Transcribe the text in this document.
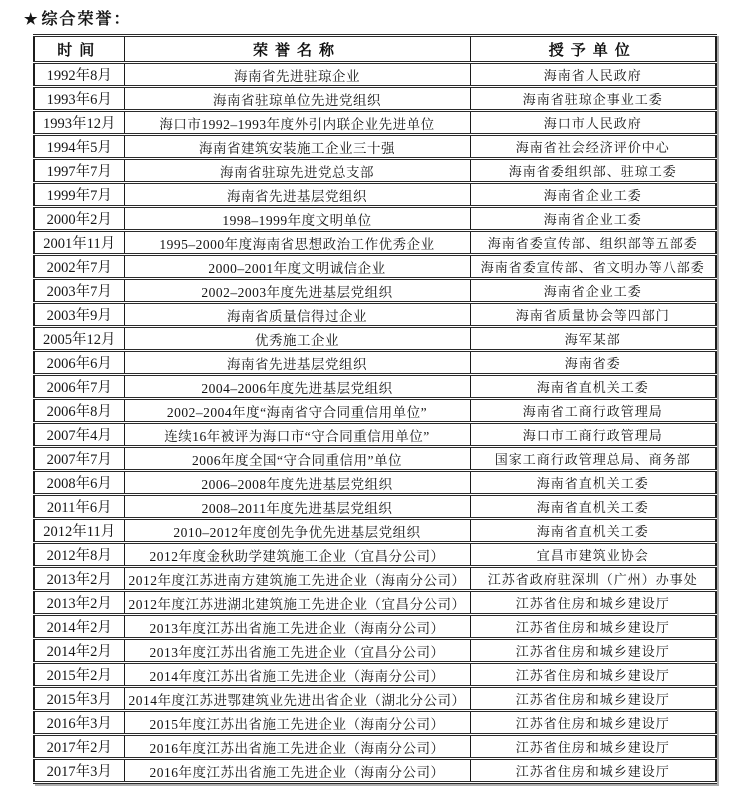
★ 综合荣誉：
时间	荣誉名称	授予单位
1992年8月	海南省先进驻琼企业	海南省人民政府
1993年6月	海南省驻琼单位先进党组织	海南省驻琼企事业工委
1993年12月	海口市1992–1993年度外引内联企业先进单位	海口市人民政府
1994年5月	海南省建筑安装施工企业三十强	海南省社会经济评价中心
1997年7月	海南省驻琼先进党总支部	海南省委组织部、驻琼工委
1999年7月	海南省先进基层党组织	海南省企业工委
2000年2月	1998–1999年度文明单位	海南省企业工委
2001年11月	1995–2000年度海南省思想政治工作优秀企业	海南省委宣传部、组织部等五部委
2002年7月	2000–2001年度文明诚信企业	海南省委宣传部、省文明办等八部委
2003年7月	2002–2003年度先进基层党组织	海南省企业工委
2003年9月	海南省质量信得过企业	海南省质量协会等四部门
2005年12月	优秀施工企业	海军某部
2006年6月	海南省先进基层党组织	海南省委
2006年7月	2004–2006年度先进基层党组织	海南省直机关工委
2006年8月	2002–2004年度“海南省守合同重信用单位”	海南省工商行政管理局
2007年4月	连续16年被评为海口市“守合同重信用单位”	海口市工商行政管理局
2007年7月	2006年度全国“守合同重信用”单位	国家工商行政管理总局、商务部
2008年6月	2006–2008年度先进基层党组织	海南省直机关工委
2011年6月	2008–2011年度先进基层党组织	海南省直机关工委
2012年11月	2010–2012年度创先争优先进基层党组织	海南省直机关工委
2012年8月	2012年度金秋助学建筑施工企业（宜昌分公司）	宜昌市建筑业协会
2013年2月	2012年度江苏进南方建筑施工先进企业（海南分公司）	江苏省政府驻深圳（广州）办事处
2013年2月	2012年度江苏进湖北建筑施工先进企业（宜昌分公司）	江苏省住房和城乡建设厅
2014年2月	2013年度江苏出省施工先进企业（海南分公司）	江苏省住房和城乡建设厅
2014年2月	2013年度江苏出省施工先进企业（宜昌分公司）	江苏省住房和城乡建设厅
2015年2月	2014年度江苏出省施工先进企业（海南分公司）	江苏省住房和城乡建设厅
2015年3月	2014年度江苏进鄂建筑业先进出省企业（湖北分公司）	江苏省住房和城乡建设厅
2016年3月	2015年度江苏出省施工先进企业（海南分公司）	江苏省住房和城乡建设厅
2017年2月	2016年度江苏出省施工先进企业（海南分公司）	江苏省住房和城乡建设厅
2017年3月	2016年度江苏出省施工先进企业（海南分公司）	江苏省住房和城乡建设厅
